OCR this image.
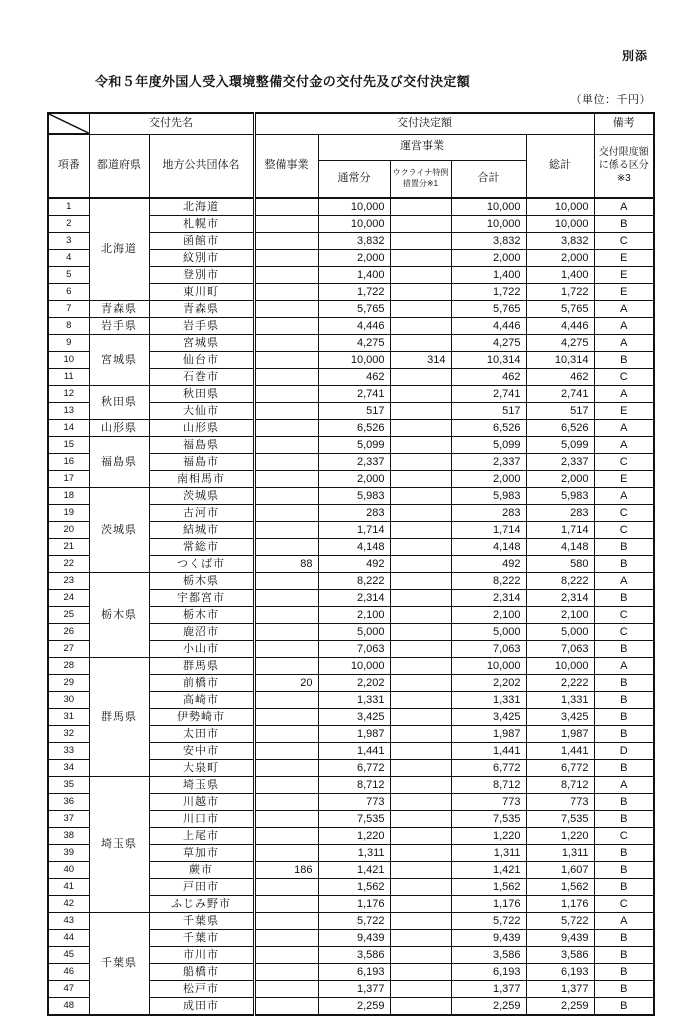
別添
令和５年度外国人受入環境整備交付金の交付先及び交付決定額
（単位：千円）
	交付先名		交付決定額					備考
項番	都道府県	地方公共団体名	整備事業	運営事業			総計	交付限度額に係る区分※3
				通常分	ウクライナ特例措置分※1	合計		
1	北海道	北海道		10,000		10,000	10,000	A
2		札幌市		10,000		10,000	10,000	B
3		函館市		3,832		3,832	3,832	C
4		紋別市		2,000		2,000	2,000	E
5		登別市		1,400		1,400	1,400	E
6		東川町		1,722		1,722	1,722	E
7	青森県	青森県		5,765		5,765	5,765	A
8	岩手県	岩手県		4,446		4,446	4,446	A
9	宮城県	宮城県		4,275		4,275	4,275	A
10		仙台市		10,000	314	10,314	10,314	B
11		石巻市		462		462	462	C
12	秋田県	秋田県		2,741		2,741	2,741	A
13		大仙市		517		517	517	E
14	山形県	山形県		6,526		6,526	6,526	A
15	福島県	福島県		5,099		5,099	5,099	A
16		福島市		2,337		2,337	2,337	C
17		南相馬市		2,000		2,000	2,000	E
18	茨城県	茨城県		5,983		5,983	5,983	A
19		古河市		283		283	283	C
20		結城市		1,714		1,714	1,714	C
21		常総市		4,148		4,148	4,148	B
22		つくば市	88	492		492	580	B
23	栃木県	栃木県		8,222		8,222	8,222	A
24		宇都宮市		2,314		2,314	2,314	B
25		栃木市		2,100		2,100	2,100	C
26		鹿沼市		5,000		5,000	5,000	C
27		小山市		7,063		7,063	7,063	B
28	群馬県	群馬県		10,000		10,000	10,000	A
29		前橋市	20	2,202		2,202	2,222	B
30		高崎市		1,331		1,331	1,331	B
31		伊勢崎市		3,425		3,425	3,425	B
32		太田市		1,987		1,987	1,987	B
33		安中市		1,441		1,441	1,441	D
34		大泉町		6,772		6,772	6,772	B
35	埼玉県	埼玉県		8,712		8,712	8,712	A
36		川越市		773		773	773	B
37		川口市		7,535		7,535	7,535	B
38		上尾市		1,220		1,220	1,220	C
39		草加市		1,311		1,311	1,311	B
40		蕨市	186	1,421		1,421	1,607	B
41		戸田市		1,562		1,562	1,562	B
42		ふじみ野市		1,176		1,176	1,176	C
43	千葉県	千葉県		5,722		5,722	5,722	A
44		千葉市		9,439		9,439	9,439	B
45		市川市		3,586		3,586	3,586	B
46		船橋市		6,193		6,193	6,193	B
47		松戸市		1,377		1,377	1,377	B
48		成田市		2,259		2,259	2,259	B
